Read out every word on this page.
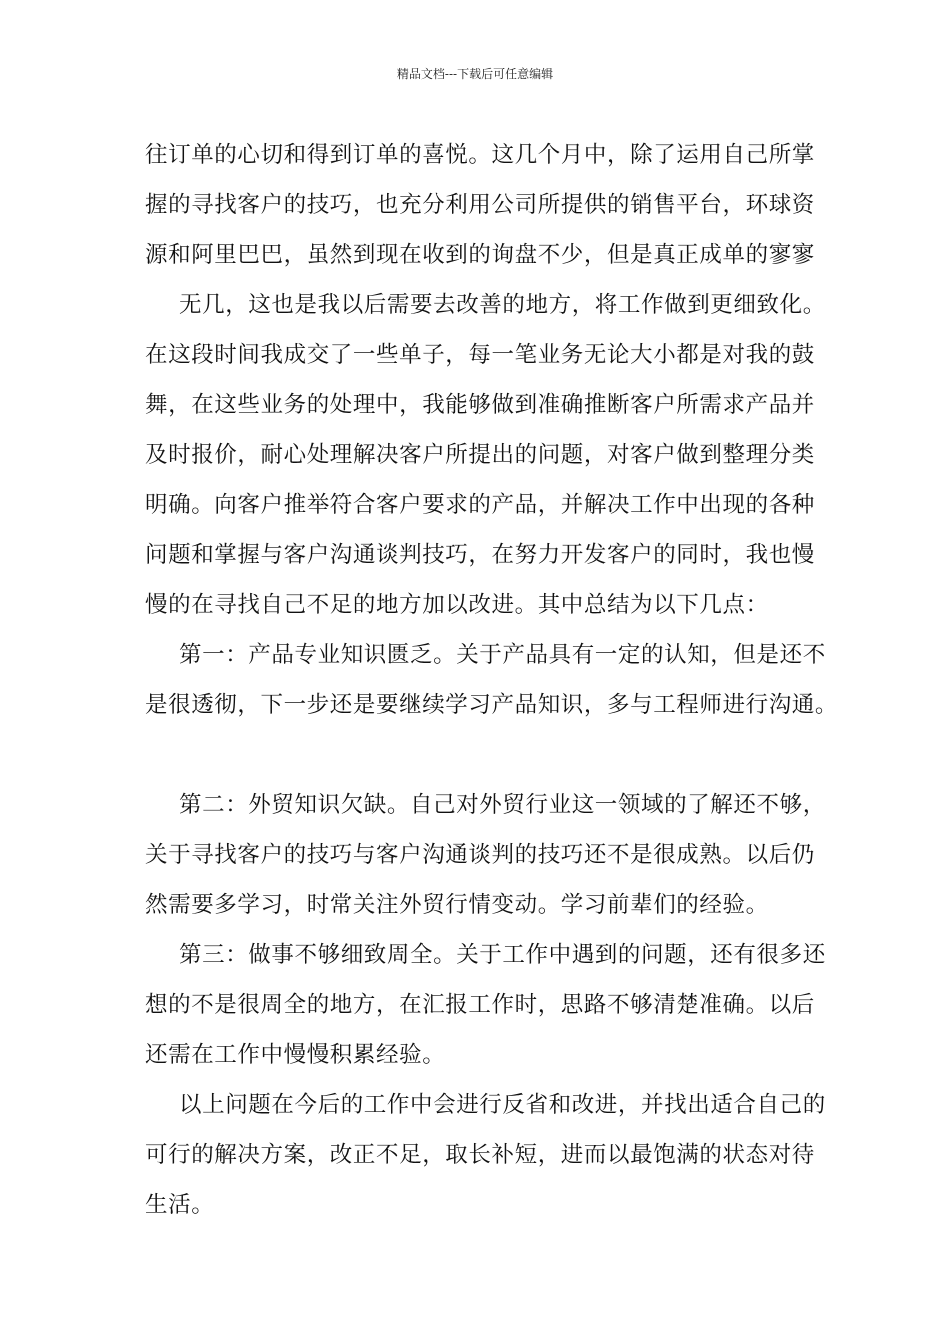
精品文档---下载后可任意编辑
往订单的心切和得到订单的喜悦。这几个月中，除了运用自己所掌
握的寻找客户的技巧，也充分利用公司所提供的销售平台，环球资
源和阿里巴巴，虽然到现在收到的询盘不少，但是真正成单的寥寥
无几，这也是我以后需要去改善的地方，将工作做到更细致化。
在这段时间我成交了一些单子，每一笔业务无论大小都是对我的鼓
舞，在这些业务的处理中，我能够做到准确推断客户所需求产品并
及时报价，耐心处理解决客户所提出的问题，对客户做到整理分类
明确。向客户推举符合客户要求的产品，并解决工作中出现的各种
问题和掌握与客户沟通谈判技巧，在努力开发客户的同时，我也慢
慢的在寻找自己不足的地方加以改进。其中总结为以下几点：
第一：产品专业知识匮乏。关于产品具有一定的认知，但是还不
是很透彻，下一步还是要继续学习产品知识，多与工程师进行沟通。
第二：外贸知识欠缺。自己对外贸行业这一领域的了解还不够，
关于寻找客户的技巧与客户沟通谈判的技巧还不是很成熟。以后仍
然需要多学习，时常关注外贸行情变动。学习前辈们的经验。
第三：做事不够细致周全。关于工作中遇到的问题，还有很多还
想的不是很周全的地方，在汇报工作时，思路不够清楚准确。以后
还需在工作中慢慢积累经验。
以上问题在今后的工作中会进行反省和改进，并找出适合自己的
可行的解决方案，改正不足，取长补短，进而以最饱满的状态对待
生活。
